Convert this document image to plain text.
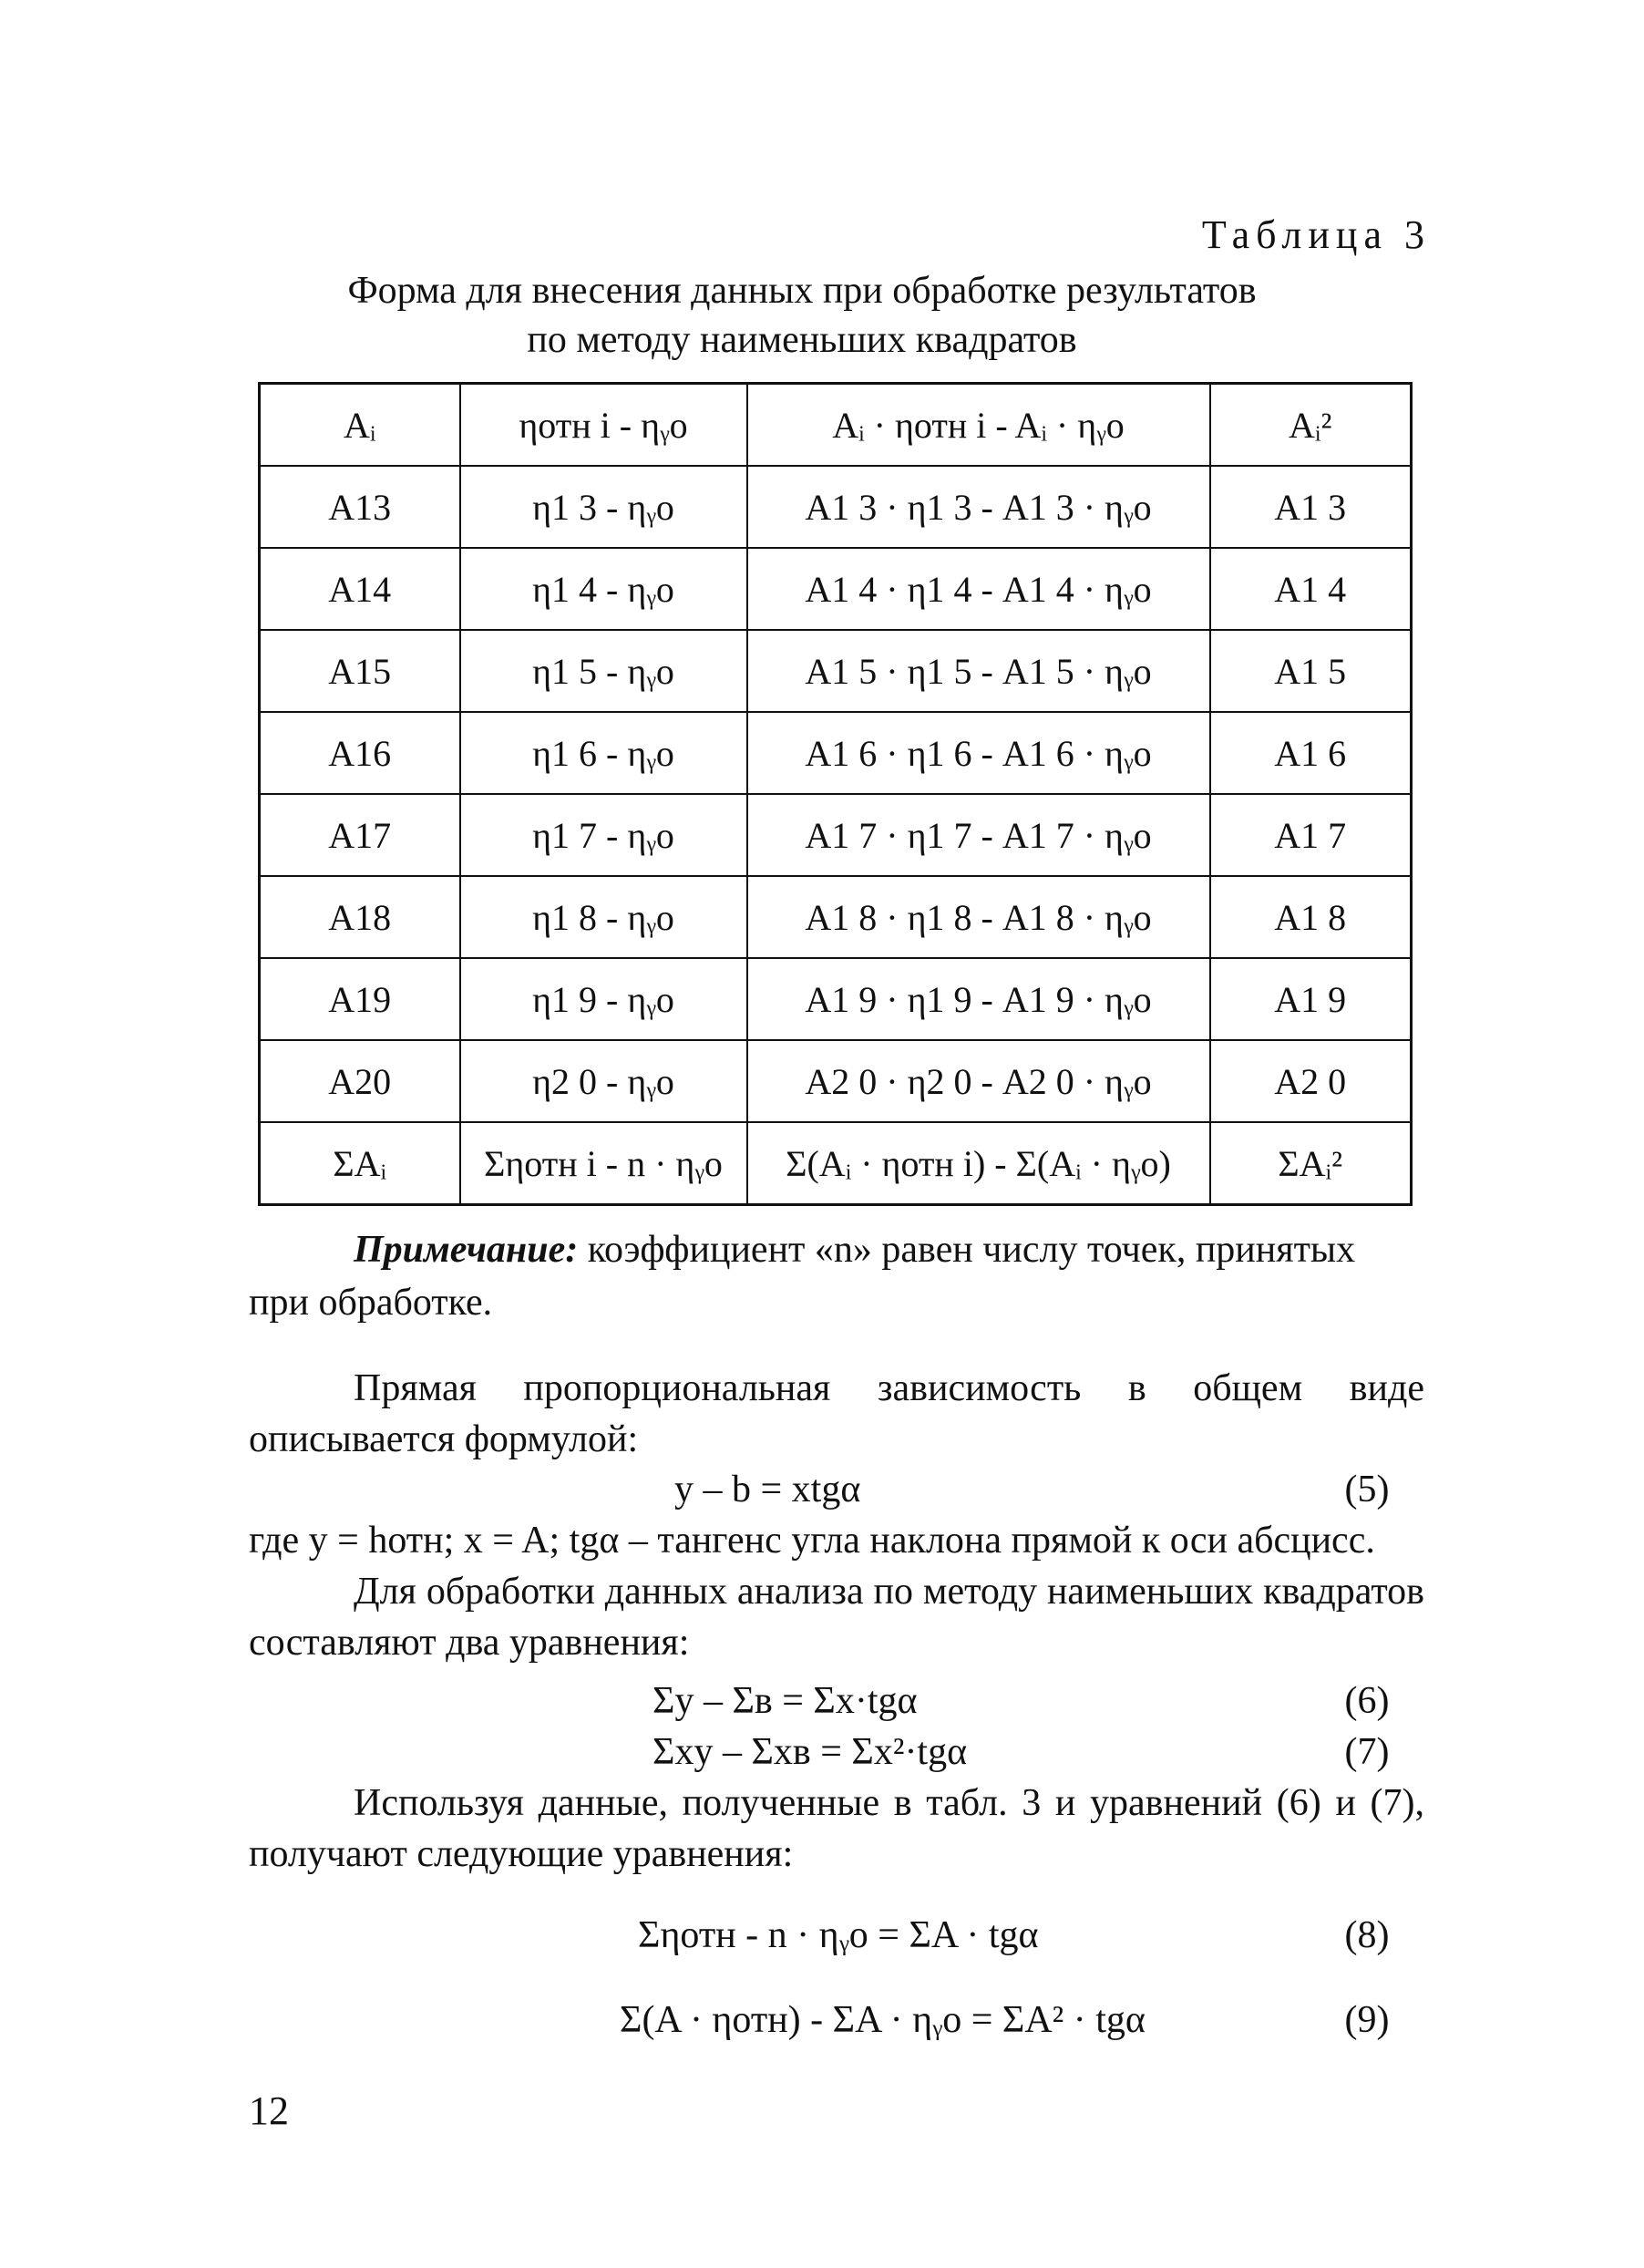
Таблица 3
Форма для внесения данных при обработке результатов
по методу наименьших квадратов
Aᵢ	ηотн i - ηᵧо	Aᵢ · ηотн i - Aᵢ · ηᵧо	Aᵢ²
A13	η1 3 - ηᵧо	A1 3 · η1 3 - A1 3 · ηᵧо	A1 3
A14	η1 4 - ηᵧо	A1 4 · η1 4 - A1 4 · ηᵧо	A1 4
A15	η1 5 - ηᵧо	A1 5 · η1 5 - A1 5 · ηᵧо	A1 5
A16	η1 6 - ηᵧо	A1 6 · η1 6 - A1 6 · ηᵧо	A1 6
A17	η1 7 - ηᵧо	A1 7 · η1 7 - A1 7 · ηᵧо	A1 7
A18	η1 8 - ηᵧо	A1 8 · η1 8 - A1 8 · ηᵧо	A1 8
A19	η1 9 - ηᵧо	A1 9 · η1 9 - A1 9 · ηᵧо	A1 9
A20	η2 0 - ηᵧо	A2 0 · η2 0 - A2 0 · ηᵧо	A2 0
ΣAᵢ	Σηотн i - n · ηᵧо	Σ(Aᵢ · ηотн i) - Σ(Aᵢ · ηᵧо)	ΣAᵢ²
Примечание: коэффициент «n» равен числу точек, принятых при обработке.
Прямая пропорциональная зависимость в общем виде описывается формулой:
y – b = xtgα	(5)
где y = hотн; x = A; tgα – тангенс угла наклона прямой к оси абсцисс.
Для обработки данных анализа по методу наименьших квадратов составляют два уравнения:
Σy – Σв = Σx·tgα	(6)
Σxy – Σxв = Σx²·tgα	(7)
Используя данные, полученные в табл. 3 и уравнений (6) и (7), получают следующие уравнения:
Σηотн - n · ηᵧо = ΣA · tgα	(8)
Σ(A · ηотн) - ΣA · ηᵧо = ΣA² · tgα	(9)
12
